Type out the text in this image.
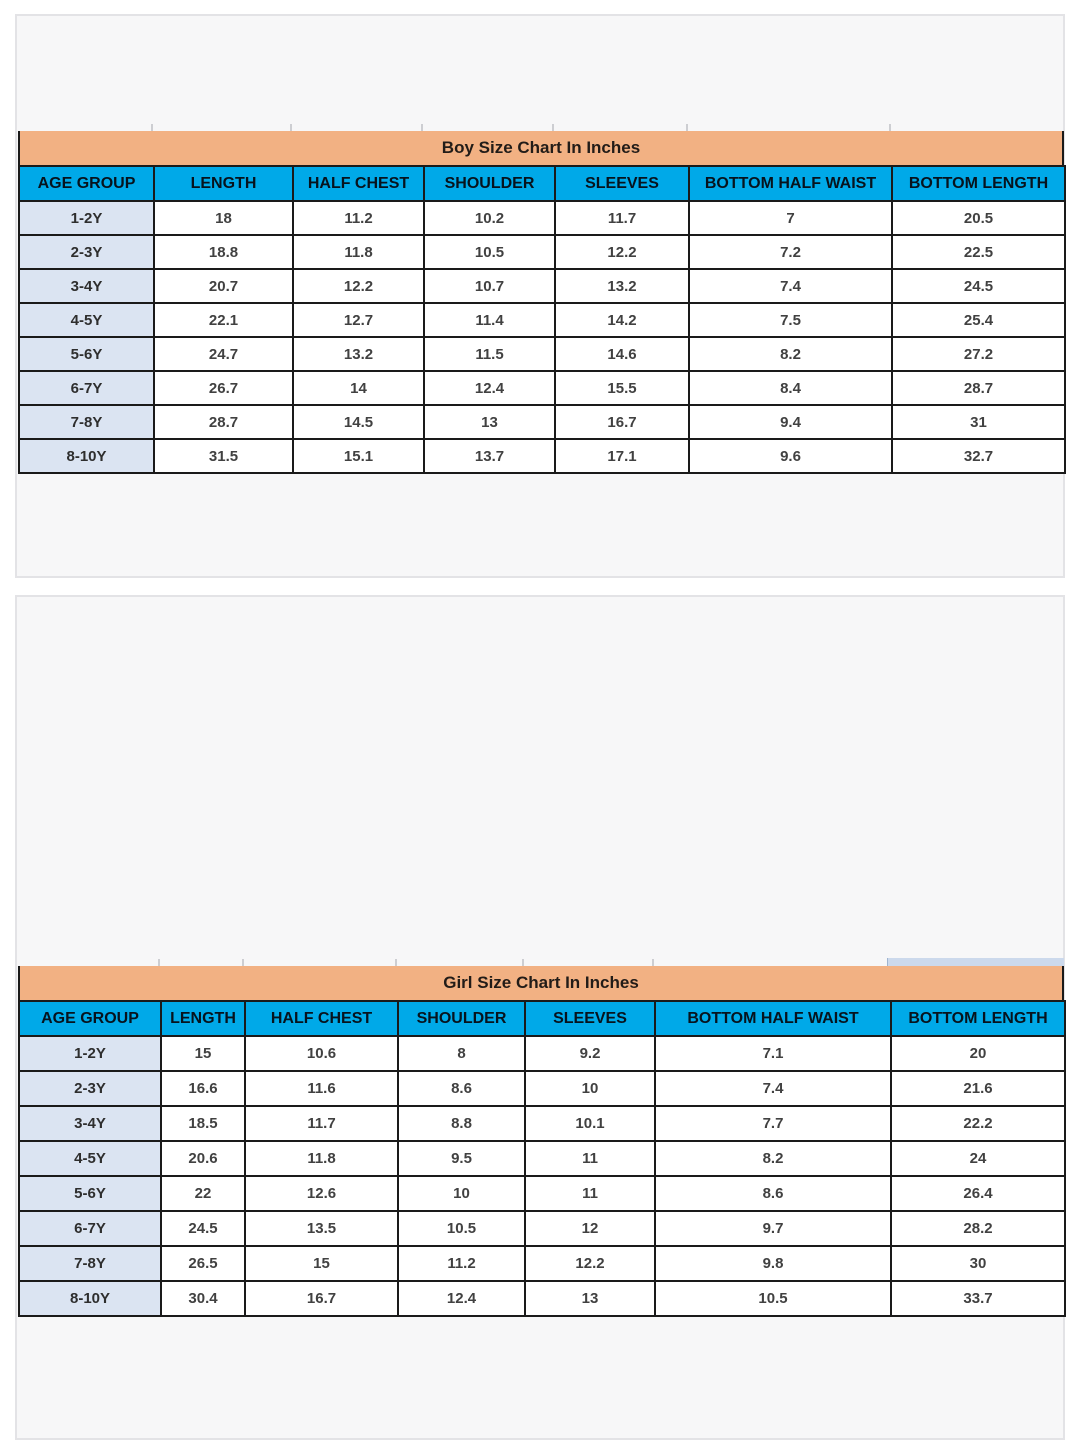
Boy Size Chart In Inches
AGE GROUP	LENGTH	HALF CHEST	SHOULDER	SLEEVES	BOTTOM HALF WAIST	BOTTOM LENGTH
1-2Y	18	11.2	10.2	11.7	7	20.5
2-3Y	18.8	11.8	10.5	12.2	7.2	22.5
3-4Y	20.7	12.2	10.7	13.2	7.4	24.5
4-5Y	22.1	12.7	11.4	14.2	7.5	25.4
5-6Y	24.7	13.2	11.5	14.6	8.2	27.2
6-7Y	26.7	14	12.4	15.5	8.4	28.7
7-8Y	28.7	14.5	13	16.7	9.4	31
8-10Y	31.5	15.1	13.7	17.1	9.6	32.7
Girl Size Chart In Inches
AGE GROUP	LENGTH	HALF CHEST	SHOULDER	SLEEVES	BOTTOM HALF WAIST	BOTTOM LENGTH
1-2Y	15	10.6	8	9.2	7.1	20
2-3Y	16.6	11.6	8.6	10	7.4	21.6
3-4Y	18.5	11.7	8.8	10.1	7.7	22.2
4-5Y	20.6	11.8	9.5	11	8.2	24
5-6Y	22	12.6	10	11	8.6	26.4
6-7Y	24.5	13.5	10.5	12	9.7	28.2
7-8Y	26.5	15	11.2	12.2	9.8	30
8-10Y	30.4	16.7	12.4	13	10.5	33.7
